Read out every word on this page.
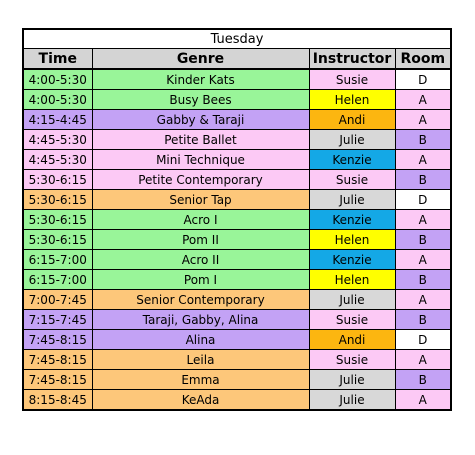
Tuesday			
Time	Genre	Instructor	Room
4:00-5:30	Kinder Kats	Susie	D
4:00-5:30	Busy Bees	Helen	A
4:15-4:45	Gabby & Taraji	Andi	A
4:45-5:30	Petite Ballet	Julie	B
4:45-5:30	Mini Technique	Kenzie	A
5:30-6:15	Petite Contemporary	Susie	B
5:30-6:15	Senior Tap	Julie	D
5:30-6:15	Acro I	Kenzie	A
5:30-6:15	Pom II	Helen	B
6:15-7:00	Acro II	Kenzie	A
6:15-7:00	Pom I	Helen	B
7:00-7:45	Senior Contemporary	Julie	A
7:15-7:45	Taraji, Gabby, Alina	Susie	B
7:45-8:15	Alina	Andi	D
7:45-8:15	Leila	Susie	A
7:45-8:15	Emma	Julie	B
8:15-8:45	KeAda	Julie	A
